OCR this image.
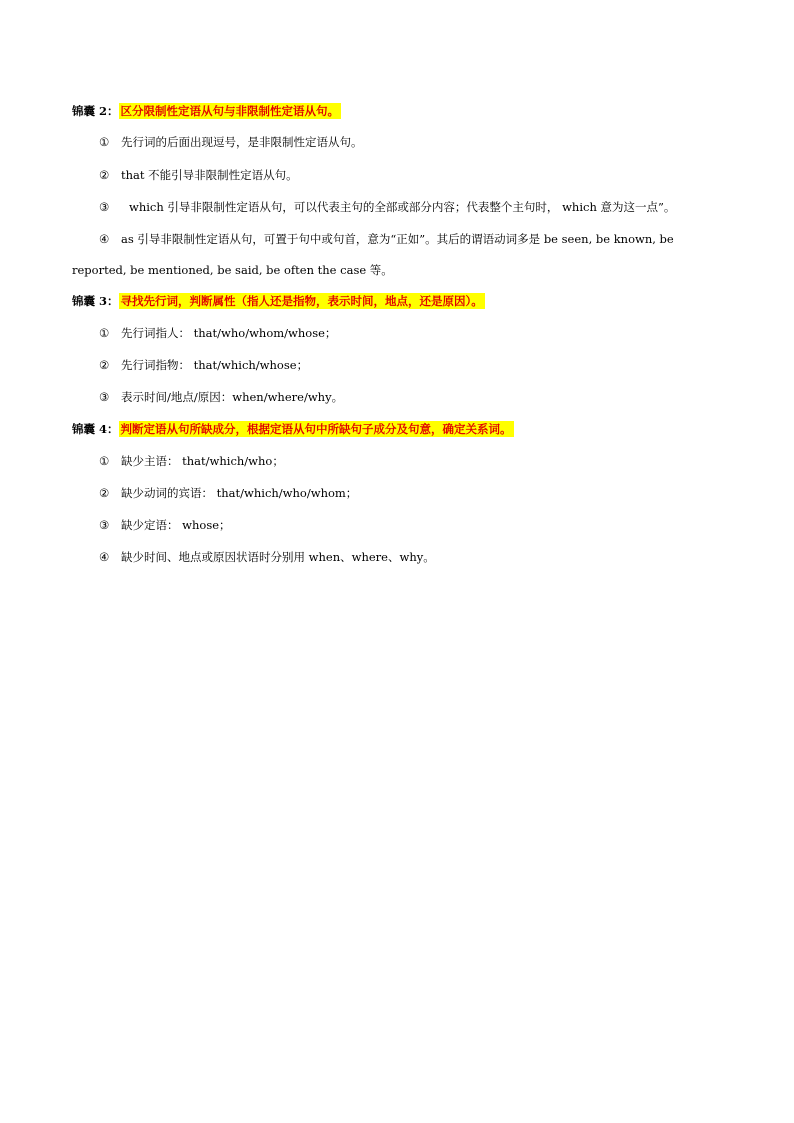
锦囊 2： 区分限制性定语从句与非限制性定语从句。
① 先行词的后面出现逗号，是非限制性定语从句。
② that 不能引导非限制性定语从句。
③ which 引导非限制性定语从句，可以代表主句的全部或部分内容；代表整个主句时， which 意为这一点”。
④ as 引导非限制性定语从句，可置于句中或句首，意为“正如”。其后的谓语动词多是 be seen, be known, be
reported, be mentioned, be said, be often the case 等。
锦囊 3： 寻找先行词，判断属性（指人还是指物，表示时间，地点，还是原因）。
① 先行词指人： that/who/whom/whose；
② 先行词指物： that/which/whose；
③ 表示时间/地点/原因：when/where/why。
锦囊 4： 判断定语从句所缺成分，根据定语从句中所缺句子成分及句意，确定关系词。
① 缺少主语： that/which/who；
② 缺少动词的宾语： that/which/who/whom；
③ 缺少定语： whose；
④ 缺少时间、地点或原因状语时分别用 when、where、why。
